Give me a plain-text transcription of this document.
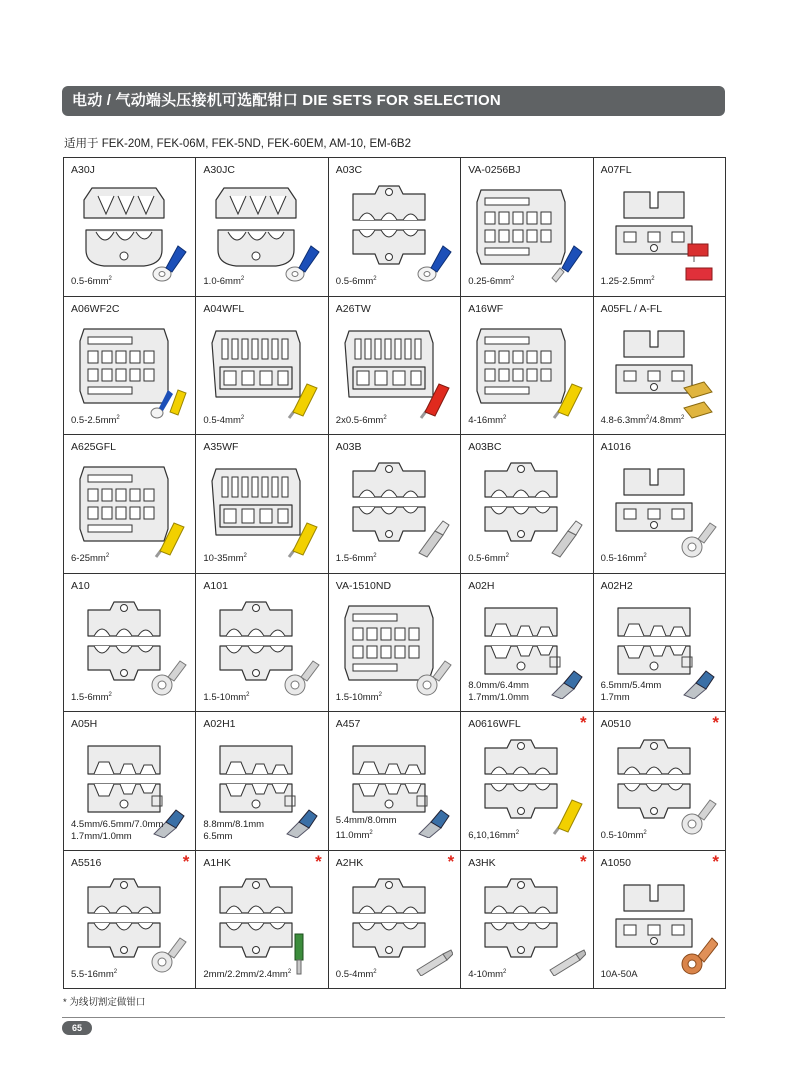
电动 / 气动端头压接机可选配钳口 DIE SETS FOR SELECTION
适用于 FEK-20M, FEK-06M, FEK-5ND, FEK-60EM, AM-10, EM-6B2
A30J
$0.5-6mm^2$
A30JC
$1.0-6mm^2$
A03C
$0.5-6mm^2$
VA-0256BJ
$0.25-6mm^2$
A07FL
$1.25-2.5mm^2$
A06WF2C
$0.5-2.5mm^2$
A04WFL
$0.5-4mm^2$
A26TW
$2x0.5-6mm^2$
A16WF
$4-16mm^2$
A05FL / A-FL
$4.8-6.3mm^2/4.8mm^2$
A625GFL
$6-25mm^2$
A35WF
$10-35mm^2$
A03B
$1.5-6mm^2$
A03BC
$0.5-6mm^2$
A1016
$0.5-16mm^2$
A10
$1.5-6mm^2$
A101
$1.5-10mm^2$
VA-1510ND
$1.5-10mm^2$
A02H
8.0mm/6.4mm
1.7mm/1.0mm
A02H2
6.5mm/5.4mm
1.7mm
A05H
4.5mm/6.5mm/7.0mm
1.7mm/1.0mm
A02H1
8.8mm/8.1mm
6.5mm
A457
5.4mm/8.0mm
$11.0mm^2$
A0616WFL	*
$6,10,16mm^2$
A0510	*
$0.5-10mm^2$
A5516	*
$5.5-16mm^2$
A1HK	*
$2mm/2.2mm/2.4mm^2$
A2HK	*
$0.5-4mm^2$
A3HK	*
$4-10mm^2$
A1050	*
10A-50A
* 为线切割定做钳口
65
